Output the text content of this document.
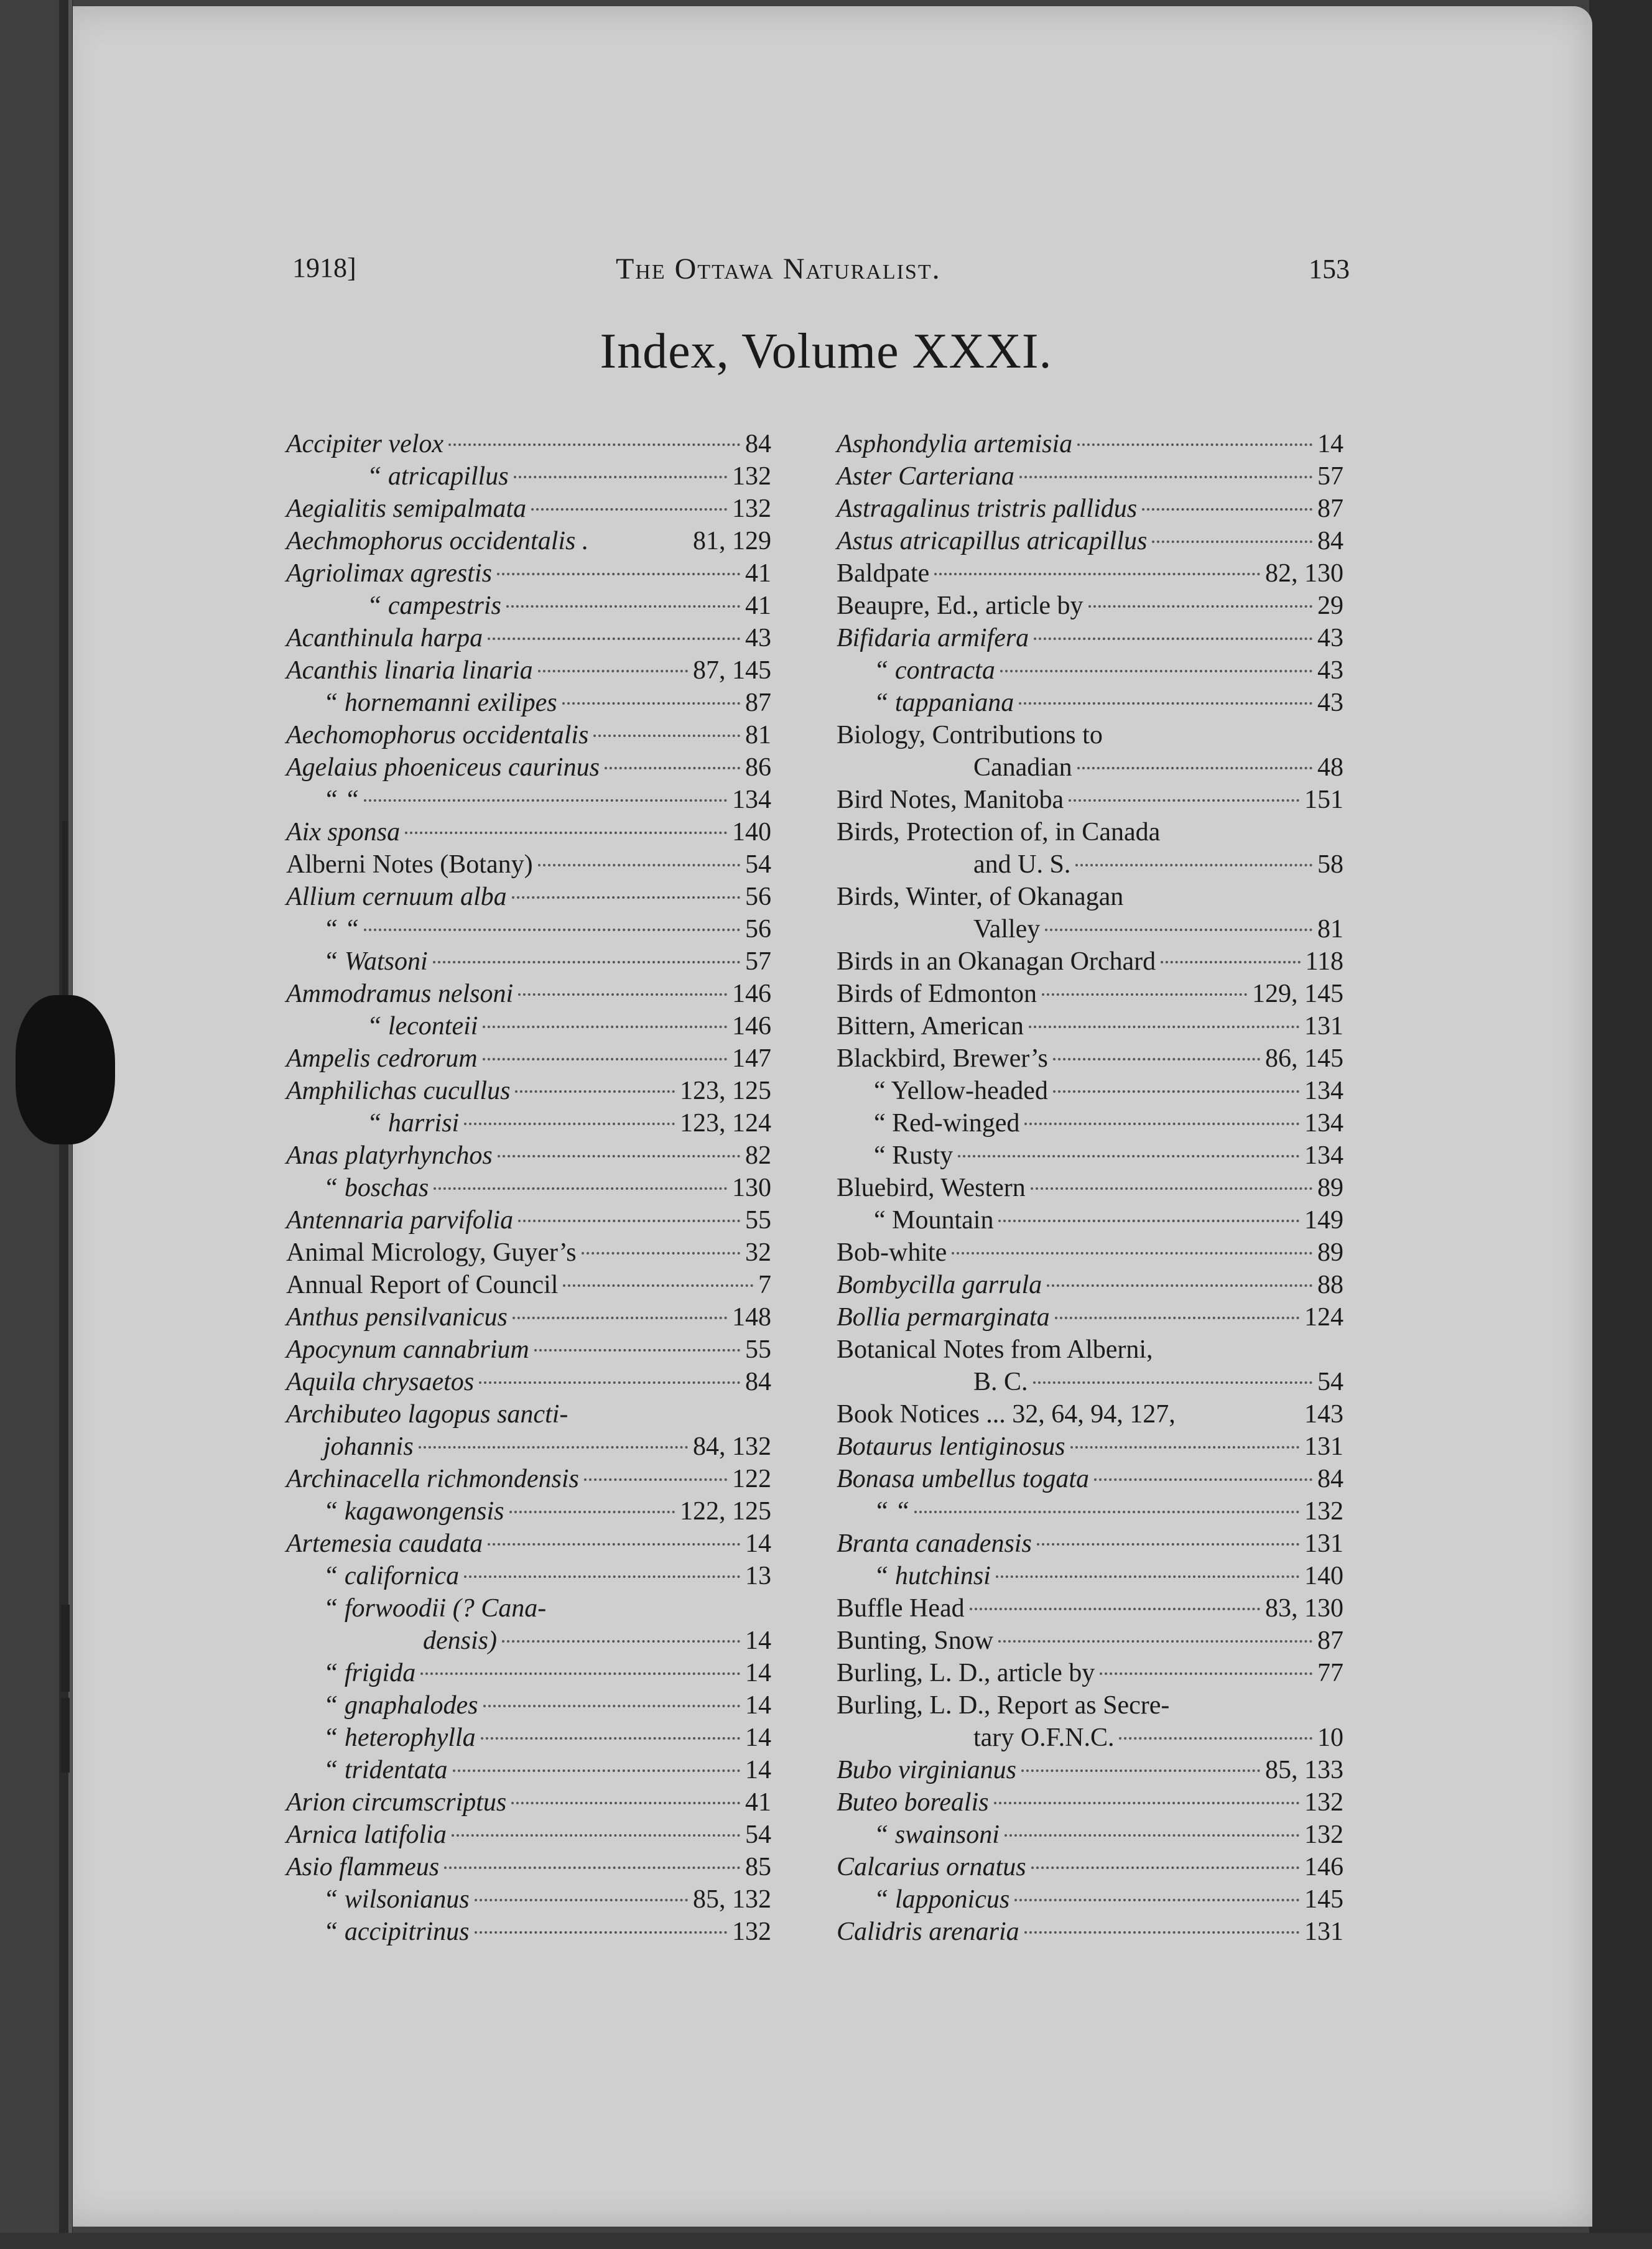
1918]	The Ottawa Naturalist.	153
Index, Volume XXXI.
Accipiter velox	84
“ atricapillus	132
Aegialitis semipalmata	132
Aechmophorus occidentalis .	81, 129
Agriolimax agrestis	41
“ campestris	41
Acanthinula harpa	43
Acanthis linaria linaria	87, 145
“ hornemanni exilipes	87
Aechomophorus occidentalis	81
Agelaius phoeniceus caurinus	86
“ “	134
Aix sponsa	140
Alberni Notes (Botany)	54
Allium cernuum alba	56
“ “	56
“ Watsoni	57
Ammodramus nelsoni	146
“ leconteii	146
Ampelis cedrorum	147
Amphilichas cucullus	123, 125
“ harrisi	123, 124
Anas platyrhynchos	82
“ boschas	130
Antennaria parvifolia	55
Animal Micrology, Guyer’s	32
Annual Report of Council	7
Anthus pensilvanicus	148
Apocynum cannabrium	55
Aquila chrysaetos	84
Archibuteo lagopus sancti-
johannis	84, 132
Archinacella richmondensis	122
“ kagawongensis	122, 125
Artemesia caudata	14
“ californica	13
“ forwoodii (? Cana-
densis)	14
“ frigida	14
“ gnaphalodes	14
“ heterophylla	14
“ tridentata	14
Arion circumscriptus	41
Arnica latifolia	54
Asio flammeus	85
“ wilsonianus	85, 132
“ accipitrinus	132
Asphondylia artemisia	14
Aster Carteriana	57
Astragalinus tristris pallidus	87
Astus atricapillus atricapillus	84
Baldpate	82, 130
Beaupre, Ed., article by	29
Bifidaria armifera	43
“ contracta	43
“ tappaniana	43
Biology, Contributions to
Canadian	48
Bird Notes, Manitoba	151
Birds, Protection of, in Canada
and U. S.	58
Birds, Winter, of Okanagan
Valley	81
Birds in an Okanagan Orchard	118
Birds of Edmonton	129, 145
Bittern, American	131
Blackbird, Brewer’s	86, 145
“ Yellow-headed	134
“ Red-winged	134
“ Rusty	134
Bluebird, Western	89
“ Mountain	149
Bob-white	89
Bombycilla garrula	88
Bollia permarginata	124
Botanical Notes from Alberni,
B. C.	54
Book Notices ... 32, 64, 94, 127,	143
Botaurus lentiginosus	131
Bonasa umbellus togata	84
“ “	132
Branta canadensis	131
“ hutchinsi	140
Buffle Head	83, 130
Bunting, Snow	87
Burling, L. D., article by	77
Burling, L. D., Report as Secre-
tary O.F.N.C.	10
Bubo virginianus	85, 133
Buteo borealis	132
“ swainsoni	132
Calcarius ornatus	146
“ lapponicus	145
Calidris arenaria	131
